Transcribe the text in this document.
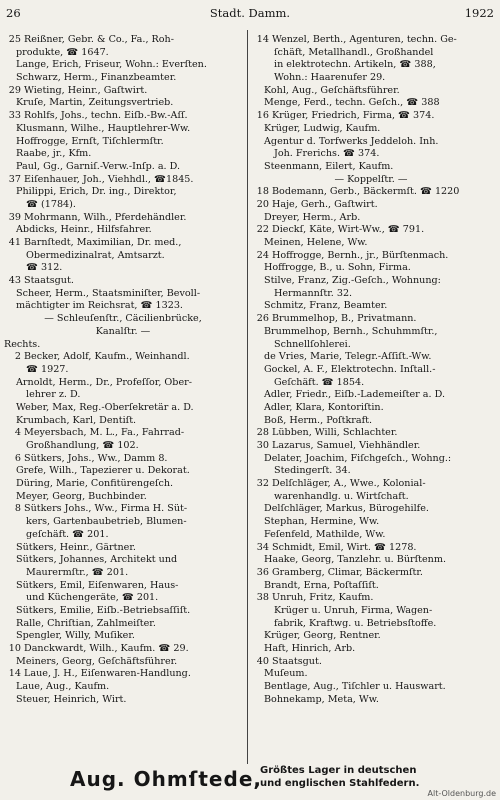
26	Stadt. Damm.	1922
25 Reißner, Gebr. & Co., Fa., Roh-
produkte, ☎ 1647.
Lange, Erich, Friseur, Wohn.: Everſten.
Schwarz, Herm., Finanzbeamter.
29 Wieting, Heinr., Gaſtwirt.
Kruſe, Martin, Zeitungsvertrieb.
33 Rohlfs, Johs., techn. Eiſb.-Bw.-Aſſ.
Klusmann, Wilhe., Hauptlehrer-Ww.
Hoffrogge, Ernſt, Tiſchlermſtr.
Raabe, jr., Kfm.
Paul, Gg., Garniſ.-Verw.-Inſp. a. D.
37 Eiſenhauer, Joh., Viehhdl., ☎1845.
Philippi, Erich, Dr. ing., Direktor,
☎ (1784).
39 Mohrmann, Wilh., Pferdehändler.
Abdicks, Heinr., Hilfsfahrer.
41 Barnſtedt, Maximilian, Dr. med.,
Obermedizinalrat, Amtsarzt.
☎ 312.
43 Staatsgut.
Scheer, Herm., Staatsminiſter, Bevoll-
mächtigter im Reichsrat, ☎ 1323.
— Schleuſenſtr., Cäcilienbrücke,
Kanalſtr. —
Rechts.
2 Becker, Adolf, Kaufm., Weinhandl.
☎ 1927.
Arnoldt, Herm., Dr., Profeſſor, Ober-
lehrer z. D.
Weber, Max, Reg.-Oberſekretär a. D.
Krumbach, Karl, Dentiſt.
4 Meyersbach, M. L., Fa., Fahrrad-
Großhandlung, ☎ 102.
6 Sütkers, Johs., Ww., Damm 8.
Grefe, Wilh., Tapezierer u. Dekorat.
Düring, Marie, Confitürengeſch.
Meyer, Georg, Buchbinder.
8 Sütkers Johs., Ww., Firma H. Süt-
kers, Gartenbaubetrieb, Blumen-
geſchäft. ☎ 201.
Sütkers, Heinr., Gärtner.
Sütkers, Johannes, Architekt und
Maurermſtr., ☎ 201.
Sütkers, Emil, Eiſenwaren, Haus-
und Küchengeräte, ☎ 201.
Sütkers, Emilie, Eiſb.-Betriebsaſſiſt.
Ralle, Chriſtian, Zahlmeiſter.
Spengler, Willy, Muſiker.
10 Danckwardt, Wilh., Kaufm. ☎ 29.
Meiners, Georg, Geſchäftsführer.
14 Laue, J. H., Eiſenwaren-Handlung.
Laue, Aug., Kaufm.
Steuer, Heinrich, Wirt.
14 Wenzel, Berth., Agenturen, techn. Ge-
ſchäft, Metallhandl., Großhandel
in elektrotechn. Artikeln, ☎ 388,
Wohn.: Haarenufer 29.
Kohl, Aug., Geſchäftsführer.
Menge, Ferd., techn. Geſch., ☎ 388
16 Krüger, Friedrich, Firma, ☎ 374.
Krüger, Ludwig, Kaufm.
Agentur d. Torfwerks Jeddeloh. Inh.
Joh. Frerichs. ☎ 374.
Steenmann, Eilert, Kaufm.
— Koppelſtr. —
18 Bodemann, Gerb., Bäckermſt. ☎ 1220
20 Haje, Gerh., Gaſtwirt.
Dreyer, Herm., Arb.
22 Dieckſ, Käte, Wirt-Ww., ☎ 791.
Meinen, Helene, Ww.
24 Hoffrogge, Bernh., jr., Bürſtenmach.
Hoffrogge, B., u. Sohn, Firma.
Stilve, Franz, Zig.-Geſch., Wohnung:
Hermannſtr. 32.
Schmitz, Franz, Beamter.
26 Brummelhop, B., Privatmann.
Brummelhop, Bernh., Schuhmmſtr.,
Schnellſohlerei.
de Vries, Marie, Telegr.-Aſſiſt.-Ww.
Gockel, A. F., Elektrotechn. Inſtall.-
Geſchäft. ☎ 1854.
Adler, Friedr., Eiſb.-Lademeiſter a. D.
Adler, Klara, Kontoriſtin.
Boß, Herm., Poſtkraft.
28 Lübben, Willi, Schlachter.
30 Lazarus, Samuel, Viehhändler.
Delater, Joachim, Fiſchgeſch., Wohng.:
Stedingerſt. 34.
32 Delſchläger, A., Wwe., Kolonial-
warenhandlg. u. Wirtſchaft.
Delſchläger, Markus, Bürogehilfe.
Stephan, Hermine, Ww.
Feſenfeld, Mathilde, Ww.
34 Schmidt, Emil, Wirt. ☎ 1278.
Haake, Georg, Tanzlehr. u. Bürſtenm.
36 Gramberg, Climar, Bäckermſtr.
Brandt, Erna, Poſtaſſiſt.
38 Unruh, Fritz, Kaufm.
Krüger u. Unruh, Firma, Wagen-
fabrik, Kraftwg. u. Betriebsſtoffe.
Krüger, Georg, Rentner.
Haft, Hinrich, Arb.
40 Staatsgut.
Muſeum.
Bentlage, Aug., Tiſchler u. Hauswart.
Bohnekamp, Meta, Ww.
Aug. Ohmſtede,
Größtes Lager in deutschen
und englischen Stahlfedern.
Alt-Oldenburg.de
